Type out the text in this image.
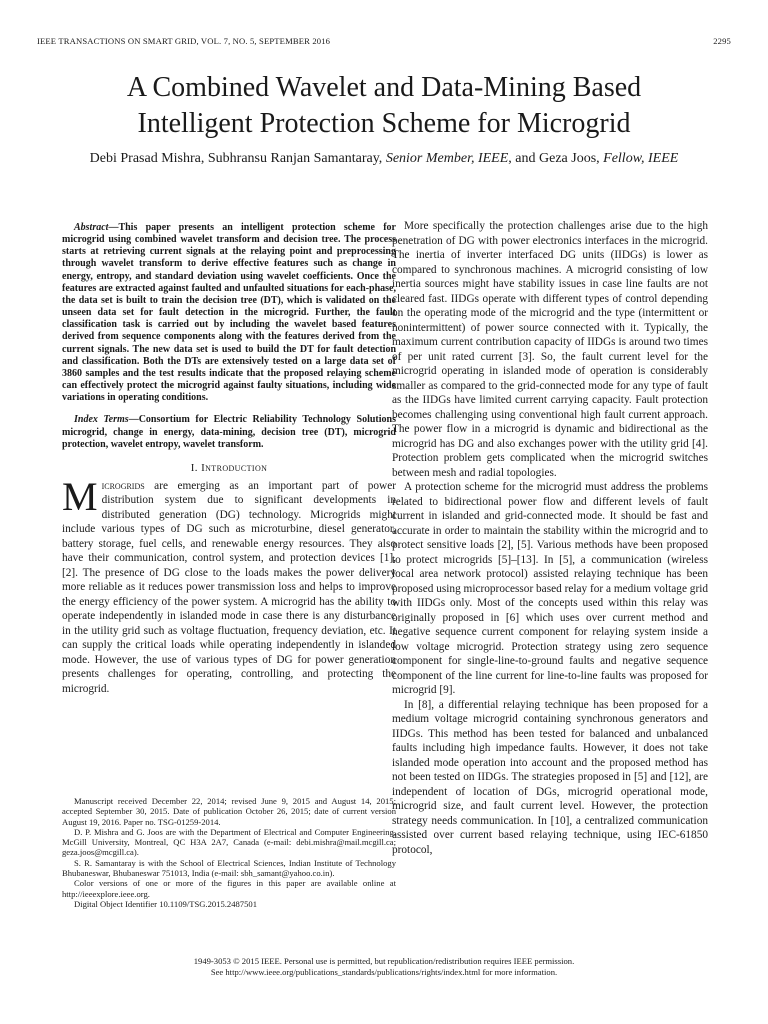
IEEE TRANSACTIONS ON SMART GRID, VOL. 7, NO. 5, SEPTEMBER 2016	2295
A Combined Wavelet and Data-Mining Based
Intelligent Protection Scheme for Microgrid
Debi Prasad Mishra, Subhransu Ranjan Samantaray, Senior Member, IEEE, and Geza Joos, Fellow, IEEE

Abstract—This paper presents an intelligent protection scheme for microgrid using combined wavelet transform and decision tree. The process starts at retrieving current signals at the relaying point and preprocessing through wavelet transform to derive effective features such as change in energy, entropy, and standard deviation using wavelet coefficients. Once the features are extracted against faulted and unfaulted situations for each-phase, the data set is built to train the decision tree (DT), which is validated on the unseen data set for fault detection in the microgrid. Further, the fault classification task is carried out by including the wavelet based features derived from sequence components along with the features derived from the current signals. The new data set is used to build the DT for fault detection and classification. Both the DTs are extensively tested on a large data set of 3860 samples and the test results indicate that the proposed relaying scheme can effectively protect the microgrid against faulty situations, including wide variations in operating conditions.

Index Terms—Consortium for Electric Reliability Technology Solutions microgrid, change in energy, data-mining, decision tree (DT), microgrid protection, wavelet entropy, wavelet transform.

I. Introduction

Microgrids are emerging as an important part of power distribution system due to significant developments in distributed generation (DG) technology. Microgrids might include various types of DG such as microturbine, diesel generator, battery storage, fuel cells, and renewable energy resources. They also have their communication, control system, and protection devices [1], [2]. The presence of DG close to the loads makes the power delivery more reliable as it reduces power transmission loss and helps to improve the energy efficiency of the power system. A microgrid has the ability to operate independently in islanded mode in case there is any disturbance in the utility grid such as voltage fluctuation, frequency deviation, etc. It can supply the critical loads while operating independently in islanded mode. However, the use of various types of DG for power generation presents challenges for operating, controlling, and protecting the microgrid.

Manuscript received December 22, 2014; revised June 9, 2015 and August 14, 2015; accepted September 30, 2015. Date of publication October 26, 2015; date of current version August 19, 2016. Paper no. TSG-01259-2014.

D. P. Mishra and G. Joos are with the Department of Electrical and Computer Engineering, McGill University, Montreal, QC H3A 2A7, Canada (e-mail: debi.mishra@mail.mcgill.ca; geza.joos@mcgill.ca).

S. R. Samantaray is with the School of Electrical Sciences, Indian Institute of Technology Bhubaneswar, Bhubaneswar 751013, India (e-mail: sbh_samant@yahoo.co.in).

Color versions of one or more of the figures in this paper are available online at http://ieeexplore.ieee.org.

Digital Object Identifier 10.1109/TSG.2015.2487501

More specifically the protection challenges arise due to the high penetration of DG with power electronics interfaces in the microgrid. The inertia of inverter interfaced DG units (IIDGs) is lower as compared to synchronous machines. A microgrid consisting of low inertia sources might have stability issues in case line faults are not cleared fast. IIDGs operate with different types of control depending on the operating mode of the microgrid and the type (intermittent or nonintermittent) of power source connected with it. Typically, the maximum current contribution capacity of IIDGs is around two times of per unit rated current [3]. So, the fault current level for the microgrid operating in islanded mode of operation is considerably smaller as compared to the grid-connected mode for any type of fault as the IIDGs have limited current carrying capacity. Fault protection becomes challenging using conventional high fault current approach. The power flow in a microgrid is dynamic and bidirectional as the microgrid has DG and also exchanges power with the utility grid [4]. Protection problem gets complicated when the microgrid switches between mesh and radial topologies.

A protection scheme for the microgrid must address the problems related to bidirectional power flow and different levels of fault current in islanded and grid-connected mode. It should be fast and accurate in order to maintain the stability within the microgrid and to protect sensitive loads [2], [5]. Various methods have been proposed to protect microgrids [5]–[13]. In [5], a communication (wireless local area network protocol) assisted relaying technique has been proposed using microprocessor based relay for a medium voltage grid with IIDGs only. Most of the concepts used within this relay was originally proposed in [6] which uses over current method and negative sequence current component for relaying system inside a low voltage microgrid. Protection strategy using zero sequence component for single-line-to-ground faults and negative sequence component of the line current for line-to-line faults was proposed for microgrid [9].

In [8], a differential relaying technique has been proposed for a medium voltage microgrid containing synchronous generators and IIDGs. This method has been tested for balanced and unbalanced faults including high impedance faults. However, it does not take islanded mode operation into account and the proposed method has not been tested on IIDGs. The strategies proposed in [5] and [12], are independent of location of DGs, microgrid operational mode, microgrid size, and fault current level. However, the protection strategy needs communication. In [10], a centralized communication assisted over current based relaying technique, using IEC-61850 protocol,

1949-3053 © 2015 IEEE. Personal use is permitted, but republication/redistribution requires IEEE permission.

See http://www.ieee.org/publications_standards/publications/rights/index.html for more information.
